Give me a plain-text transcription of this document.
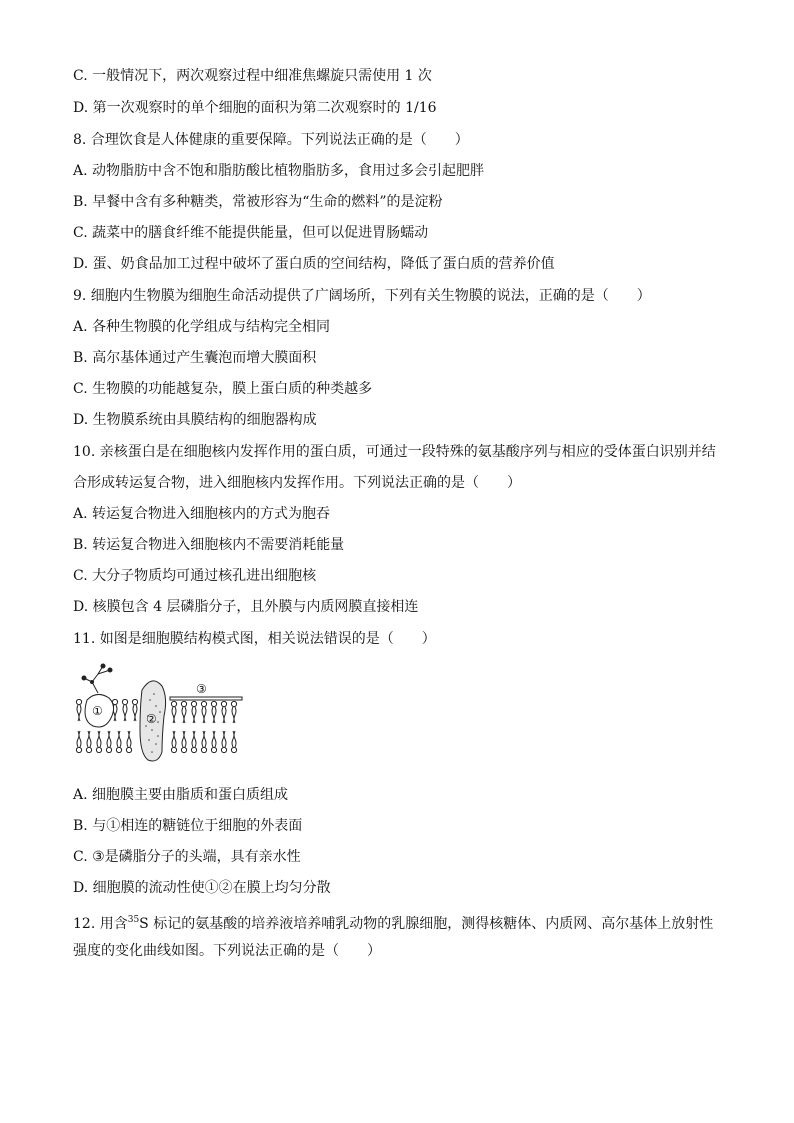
C. 一般情况下，两次观察过程中细准焦螺旋只需使用 1 次
D. 第一次观察时的单个细胞的面积为第二次观察时的 1/16
8. 合理饮食是人体健康的重要保障。下列说法正确的是（　　）
A. 动物脂肪中含不饱和脂肪酸比植物脂肪多，食用过多会引起肥胖
B. 早餐中含有多种糖类，常被形容为“生命的燃料”的是淀粉
C. 蔬菜中的膳食纤维不能提供能量，但可以促进胃肠蠕动
D. 蛋、奶食品加工过程中破坏了蛋白质的空间结构，降低了蛋白质的营养价值
9. 细胞内生物膜为细胞生命活动提供了广阔场所，下列有关生物膜的说法，正确的是（　　）
A. 各种生物膜的化学组成与结构完全相同
B. 高尔基体通过产生囊泡而增大膜面积
C. 生物膜的功能越复杂，膜上蛋白质的种类越多
D. 生物膜系统由具膜结构的细胞器构成
10. 亲核蛋白是在细胞核内发挥作用的蛋白质，可通过一段特殊的氨基酸序列与相应的受体蛋白识别并结
合形成转运复合物，进入细胞核内发挥作用。下列说法正确的是（　　）
A. 转运复合物进入细胞核内的方式为胞吞
B. 转运复合物进入细胞核内不需要消耗能量
C. 大分子物质均可通过核孔进出细胞核
D. 核膜包含 4 层磷脂分子，且外膜与内质网膜直接相连
11. 如图是细胞膜结构模式图，相关说法错误的是（　　）
①
②
③
A. 细胞膜主要由脂质和蛋白质组成
B. 与①相连的糖链位于细胞的外表面
C. ③是磷脂分子的头端，具有亲水性
D. 细胞膜的流动性使①②在膜上均匀分散
12. 用含$^{35}$S 标记的氨基酸的培养液培养哺乳动物的乳腺细胞，测得核糖体、内质网、高尔基体上放射性
强度的变化曲线如图。下列说法正确的是（　　）
